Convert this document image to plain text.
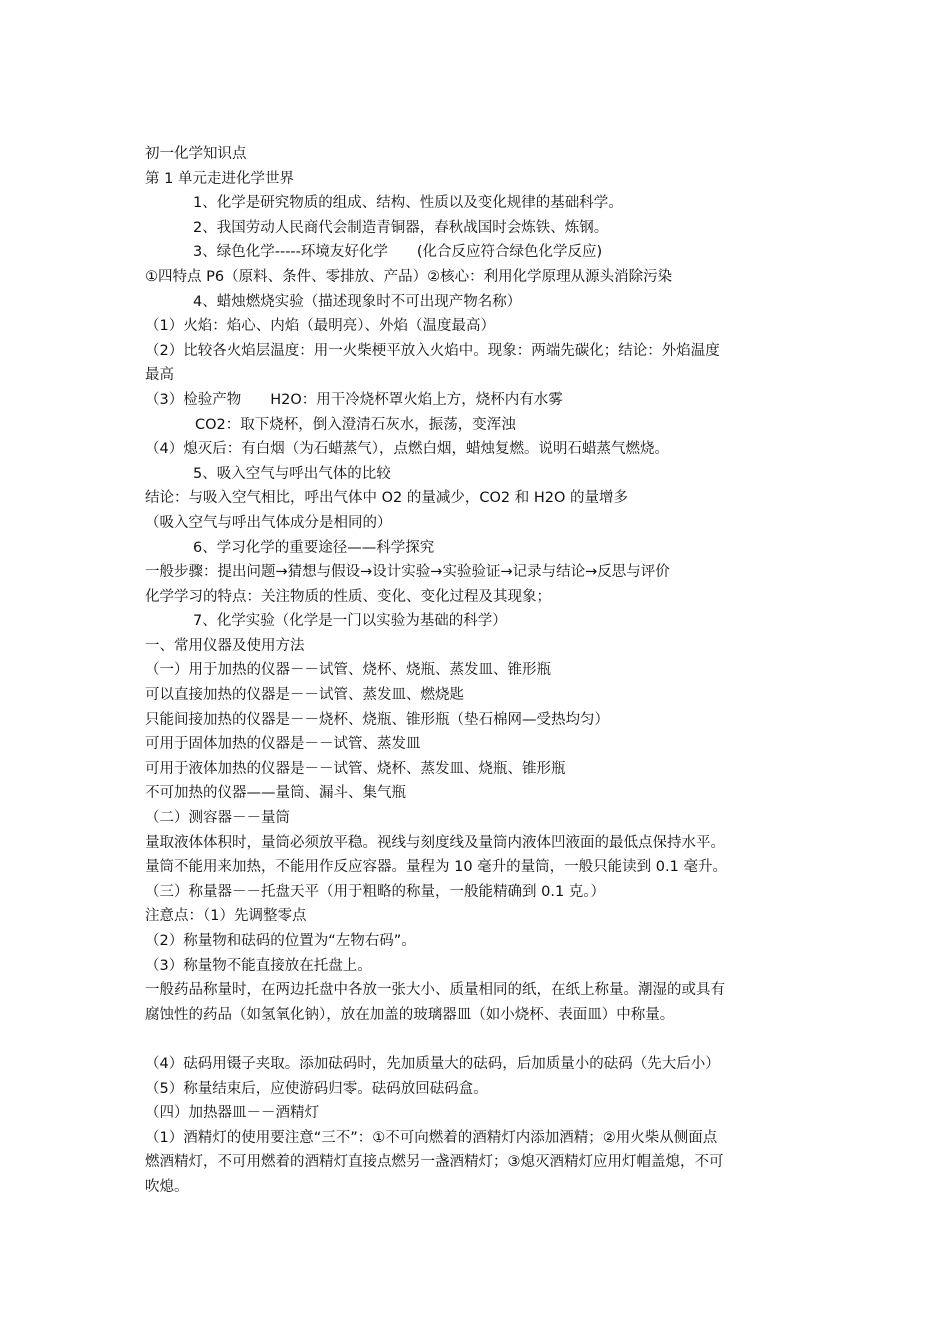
初一化学知识点
第 1 单元走进化学世界
1、化学是研究物质的组成、结构、性质以及变化规律的基础科学。
2、我国劳动人民商代会制造青铜器，春秋战国时会炼铁、炼钢。
3、绿色化学-----环境友好化学　　(化合反应符合绿色化学反应)
①四特点 P6（原料、条件、零排放、产品）②核心：利用化学原理从源头消除污染
4、蜡烛燃烧实验（描述现象时不可出现产物名称）
（1）火焰：焰心、内焰（最明亮）、外焰（温度最高）
（2）比较各火焰层温度：用一火柴梗平放入火焰中。现象：两端先碳化；结论：外焰温度
最高
（3）检验产物　　H2O：用干冷烧杯罩火焰上方，烧杯内有水雾
CO2：取下烧杯，倒入澄清石灰水，振荡，变浑浊
（4）熄灭后：有白烟（为石蜡蒸气），点燃白烟，蜡烛复燃。说明石蜡蒸气燃烧。
5、吸入空气与呼出气体的比较
结论：与吸入空气相比，呼出气体中 O2 的量减少，CO2 和 H2O 的量增多
（吸入空气与呼出气体成分是相同的）
6、学习化学的重要途径——科学探究
一般步骤：提出问题→猜想与假设→设计实验→实验验证→记录与结论→反思与评价
化学学习的特点：关注物质的性质、变化、变化过程及其现象；
7、化学实验（化学是一门以实验为基础的科学）
一、常用仪器及使用方法
（一）用于加热的仪器－－试管、烧杯、烧瓶、蒸发皿、锥形瓶
可以直接加热的仪器是－－试管、蒸发皿、燃烧匙
只能间接加热的仪器是－－烧杯、烧瓶、锥形瓶（垫石棉网—受热均匀）
可用于固体加热的仪器是－－试管、蒸发皿
可用于液体加热的仪器是－－试管、烧杯、蒸发皿、烧瓶、锥形瓶
不可加热的仪器——量筒、漏斗、集气瓶
（二）测容器－－量筒
量取液体体积时，量筒必须放平稳。视线与刻度线及量筒内液体凹液面的最低点保持水平。
量筒不能用来加热，不能用作反应容器。量程为 10 毫升的量筒，一般只能读到 0.1 毫升。
（三）称量器－－托盘天平（用于粗略的称量，一般能精确到 0.1 克。）
注意点：（1）先调整零点
（2）称量物和砝码的位置为“左物右码”。
（3）称量物不能直接放在托盘上。
一般药品称量时，在两边托盘中各放一张大小、质量相同的纸，在纸上称量。潮湿的或具有
腐蚀性的药品（如氢氧化钠），放在加盖的玻璃器皿（如小烧杯、表面皿）中称量。
（4）砝码用镊子夹取。添加砝码时，先加质量大的砝码，后加质量小的砝码（先大后小）
（5）称量结束后，应使游码归零。砝码放回砝码盒。
（四）加热器皿－－酒精灯
（1）酒精灯的使用要注意“三不”：①不可向燃着的酒精灯内添加酒精；②用火柴从侧面点
燃酒精灯，不可用燃着的酒精灯直接点燃另一盏酒精灯；③熄灭酒精灯应用灯帽盖熄，不可
吹熄。
